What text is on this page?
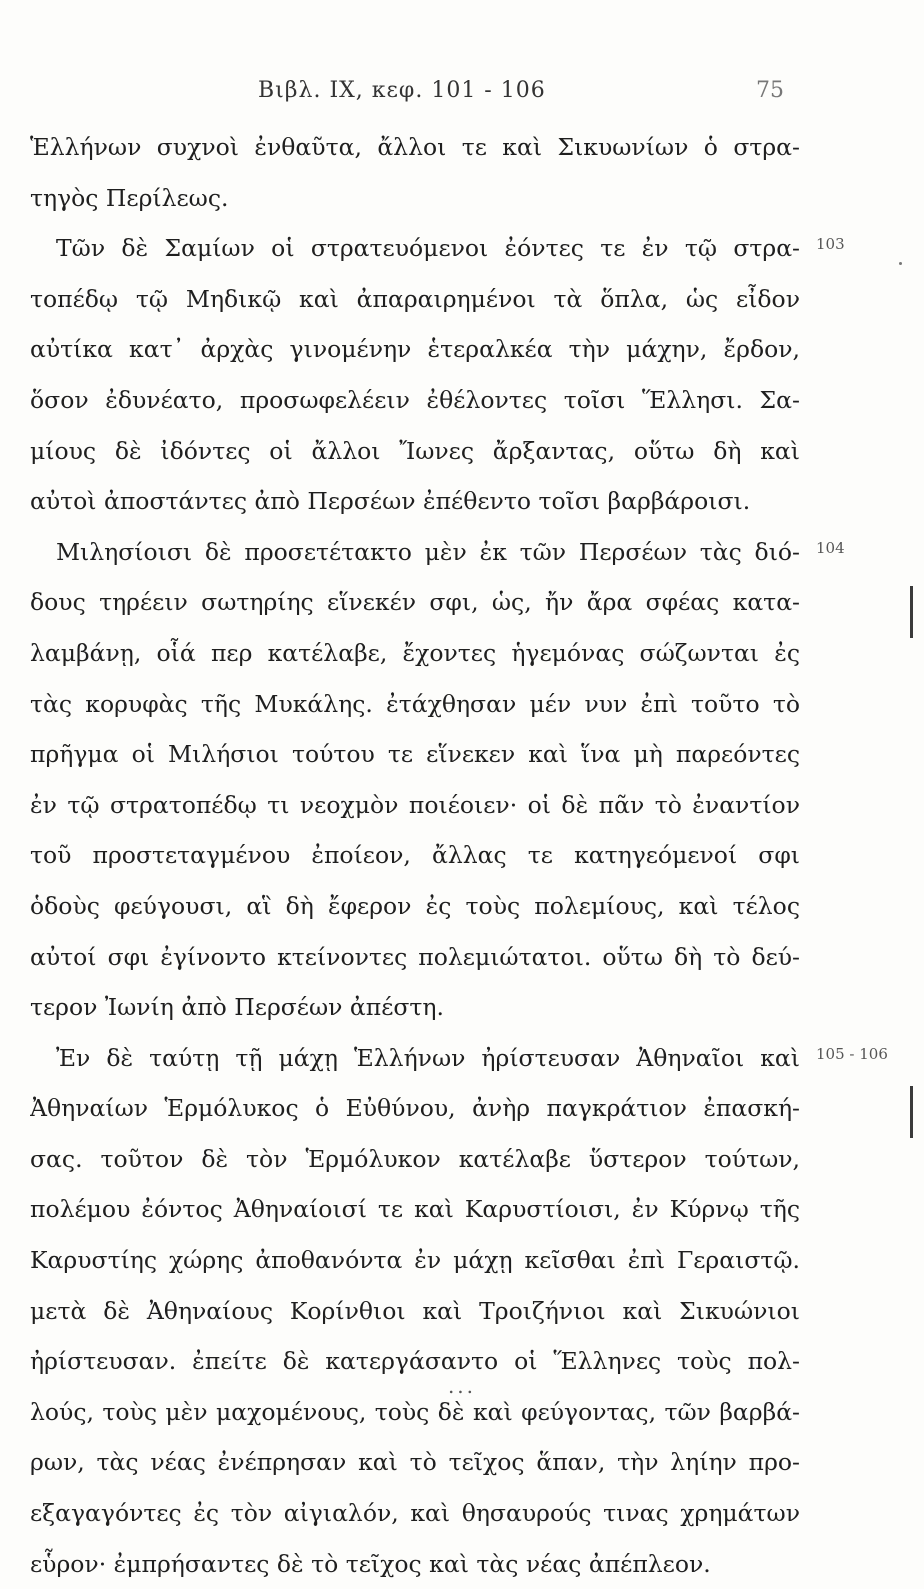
Βιβλ. IX, κεφ. 101 - 106	75
Ἑλλήνων συχνοὶ ἐνθαῦτα, ἄλλοι τε καὶ Σικυωνίων ὁ στρα-
τηγὸς Περίλεως.
Τῶν δὲ Σαμίων οἱ στρατευόμενοι ἐόντες τε ἐν τῷ στρα- 103
τοπέδῳ τῷ Μηδικῷ καὶ ἀπαραιρημένοι τὰ ὅπλα, ὡς εἶδον
αὐτίκα κατ᾽ ἀρχὰς γινομένην ἑτεραλκέα τὴν μάχην, ἔρδον,
ὅσον ἐδυνέατο, προσωφελέειν ἐθέλοντες τοῖσι Ἕλλησι. Σα-
μίους δὲ ἰδόντες οἱ ἄλλοι Ἴωνες ἄρξαντας, οὕτω δὴ καὶ
αὐτοὶ ἀποστάντες ἀπὸ Περσέων ἐπέθεντο τοῖσι βαρβάροισι.
Μιλησίοισι δὲ προσετέτακτο μὲν ἐκ τῶν Περσέων τὰς διό- 104
δους τηρέειν σωτηρίης εἵνεκέν σφι, ὡς, ἤν ἄρα σφέας κατα-
λαμβάνῃ, οἷά περ κατέλαβε, ἔχοντες ἡγεμόνας σώζωνται ἐς
τὰς κορυφὰς τῆς Μυκάλης. ἐτάχθησαν μέν νυν ἐπὶ τοῦτο τὸ
πρῆγμα οἱ Μιλήσιοι τούτου τε εἵνεκεν καὶ ἵνα μὴ παρεόντες
ἐν τῷ στρατοπέδῳ τι νεοχμὸν ποιέοιεν· οἱ δὲ πᾶν τὸ ἐναντίον
τοῦ προστεταγμένου ἐποίεον, ἄλλας τε κατηγεόμενοί σφι
ὁδοὺς φεύγουσι, αἳ δὴ ἔφερον ἐς τοὺς πολεμίους, καὶ τέλος
αὐτοί σφι ἐγίνοντο κτείνοντες πολεμιώτατοι. οὕτω δὴ τὸ δεύ-
τερον Ἰωνίη ἀπὸ Περσέων ἀπέστη.
Ἐν δὲ ταύτῃ τῇ μάχῃ Ἑλλήνων ἠρίστευσαν Ἀθηναῖοι καὶ 105 - 106
Ἀθηναίων Ἑρμόλυκος ὁ Εὐθύνου, ἀνὴρ παγκράτιον ἐπασκή-
σας. τοῦτον δὲ τὸν Ἑρμόλυκον κατέλαβε ὕστερον τούτων,
πολέμου ἐόντος Ἀθηναίοισί τε καὶ Καρυστίοισι, ἐν Κύρνῳ τῆς
Καρυστίης χώρης ἀποθανόντα ἐν μάχῃ κεῖσθαι ἐπὶ Γεραιστῷ.
μετὰ δὲ Ἀθηναίους Κορίνθιοι καὶ Τροιζήνιοι καὶ Σικυώνιοι
ἠρίστευσαν. ἐπείτε δὲ κατεργάσαντο οἱ Ἕλληνες τοὺς πολ-
λούς, τοὺς μὲν μαχομένους, τοὺς δὲ καὶ φεύγοντας, τῶν βαρβά-
ρων, τὰς νέας ἐνέπρησαν καὶ τὸ τεῖχος ἅπαν, τὴν ληίην προ-
εξαγαγόντες ἐς τὸν αἰγιαλόν, καὶ θησαυρούς τινας χρημάτων
εὗρον· ἐμπρήσαντες δὲ τὸ τεῖχος καὶ τὰς νέας ἀπέπλεον.
...
